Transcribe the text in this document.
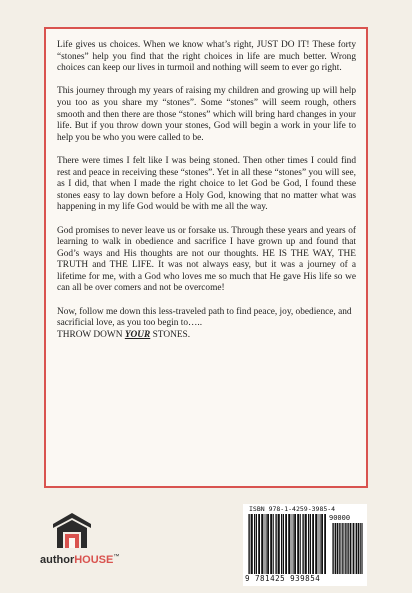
Life gives us choices. When we know what’s right, JUST DO IT! These forty “stones” help you find that the right choices in life are much better. Wrong choices can keep our lives in turmoil and nothing will seem to ever go right.

This journey through my years of raising my children and growing up will help you too as you share my “stones”. Some “stones” will seem rough, others smooth and then there are those “stones” which will bring hard changes in your life. But if you throw down your stones, God will begin a work in your life to help you be who you were called to be.

There were times I felt like I was being stoned. Then other times I could find rest and peace in receiving these “stones”. Yet in all these “stones” you will see, as I did, that when I made the right choice to let God be God, I found these stones easy to lay down before a Holy God, knowing that no matter what was happening in my life God would be with me all the way.

God promises to never leave us or forsake us. Through these years and years of learning to walk in obedience and sacrifice I have grown up and found that God’s ways and His thoughts are not our thoughts. HE IS THE WAY, THE TRUTH and THE LIFE. It was not always easy, but it was a journey of a lifetime for me, with a God who loves me so much that He gave His life so we can all be over comers and not be overcome!

Now, follow me down this less-traveled path to find peace, joy, obedience, and sacrificial love, as you too begin to…..
THROW DOWN YOUR STONES.

authorHOUSE™
ISBN 978-1-4259-3985-4
90000
9 781425 939854
